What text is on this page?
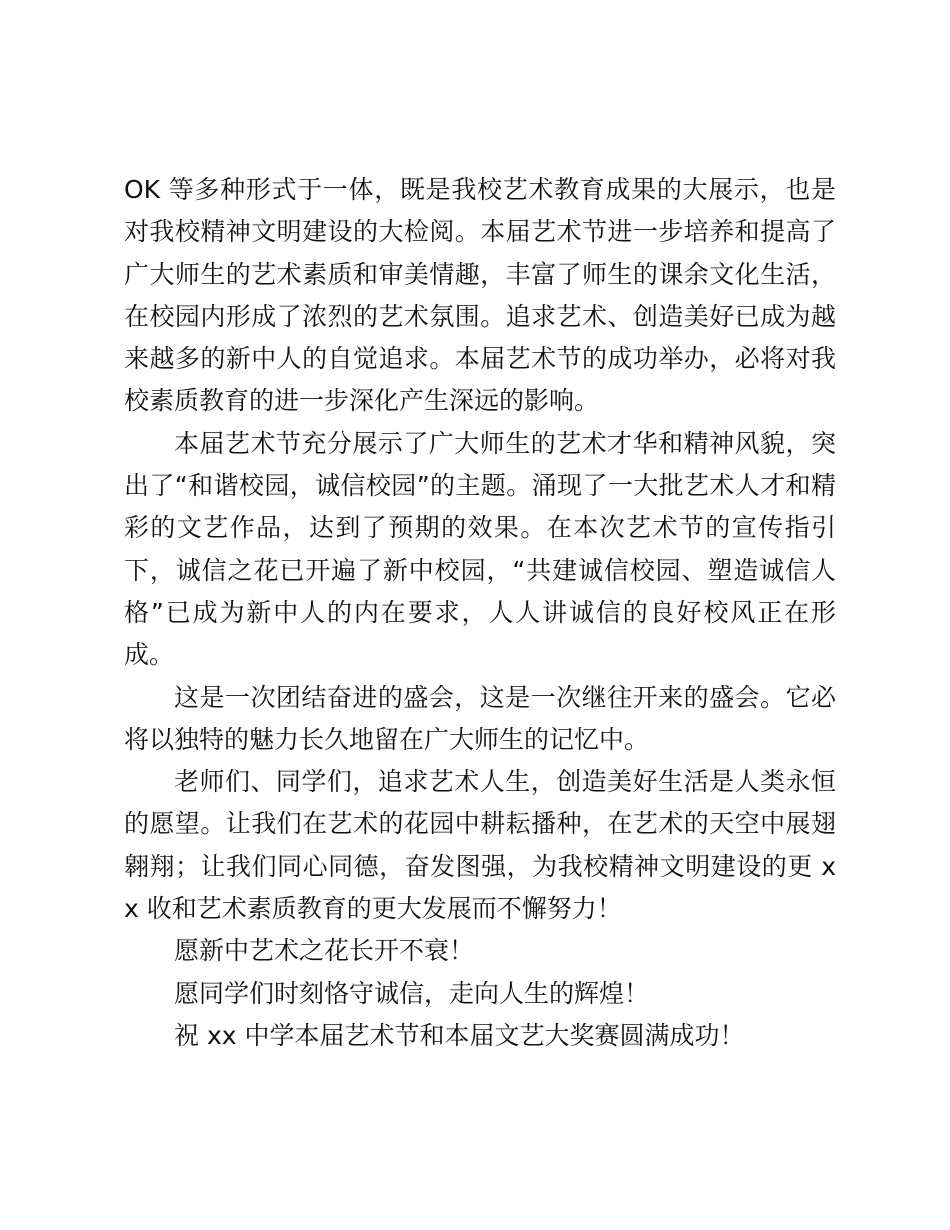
OK 等多种形式于一体，既是我校艺术教育成果的大展示，也是对我校精神文明建设的大检阅。本届艺术节进一步培养和提高了广大师生的艺术素质和审美情趣，丰富了师生的课余文化生活，在校园内形成了浓烈的艺术氛围。追求艺术、创造美好已成为越来越多的新中人的自觉追求。本届艺术节的成功举办，必将对我校素质教育的进一步深化产生深远的影响。

本届艺术节充分展示了广大师生的艺术才华和精神风貌，突出了“和谐校园，诚信校园”的主题。涌现了一大批艺术人才和精彩的文艺作品，达到了预期的效果。在本次艺术节的宣传指引下，诚信之花已开遍了新中校园，“共建诚信校园、塑造诚信人格”已成为新中人的内在要求，人人讲诚信的良好校风正在形成。

这是一次团结奋进的盛会，这是一次继往开来的盛会。它必将以独特的魅力长久地留在广大师生的记忆中。

老师们、同学们，追求艺术人生，创造美好生活是人类永恒的愿望。让我们在艺术的花园中耕耘播种，在艺术的天空中展翅翱翔；让我们同心同德，奋发图强，为我校精神文明建设的更 xx 收和艺术素质教育的更大发展而不懈努力！

愿新中艺术之花长开不衰！

愿同学们时刻恪守诚信，走向人生的辉煌！

祝 xx 中学本届艺术节和本届文艺大奖赛圆满成功！
